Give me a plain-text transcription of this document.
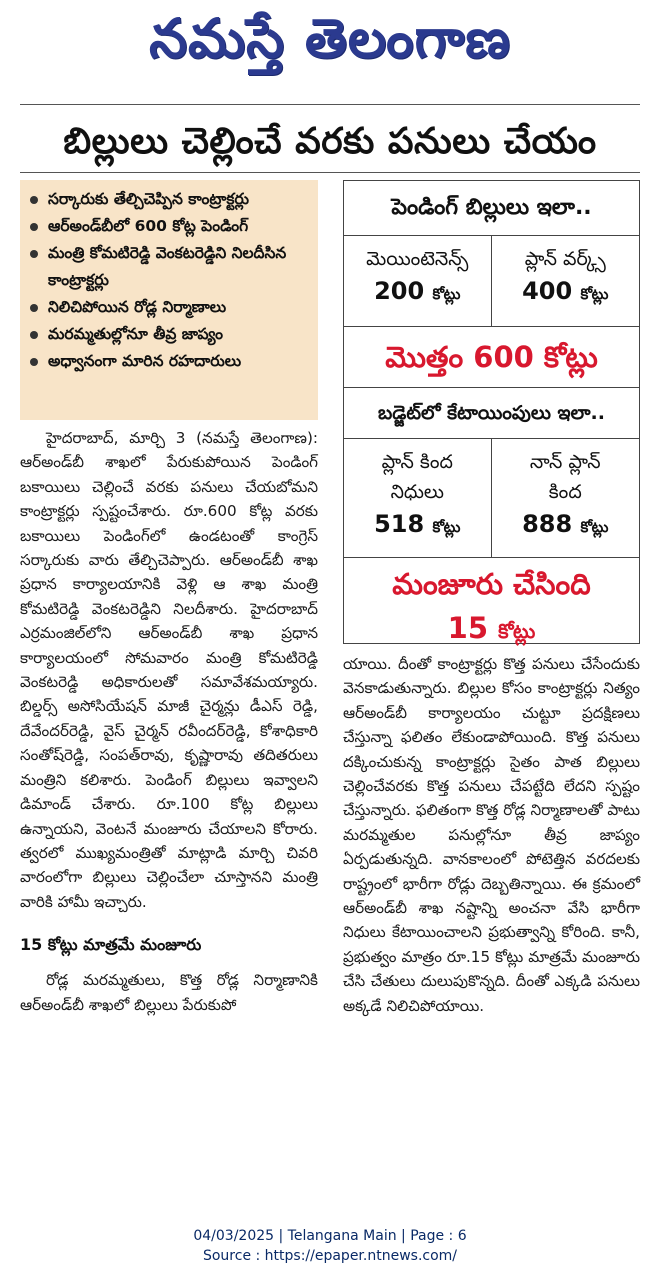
నమస్తే తెలంగాణ
బిల్లులు చెల్లించే వరకు పనులు చేయం
సర్కారుకు తేల్చిచెప్పిన కాంట్రాక్టర్లు
ఆర్‌అండ్‌బీలో 600 కోట్ల పెండింగ్
మంత్రి కోమటిరెడ్డి వెంకటరెడ్డిని నిలదీసిన కాంట్రాక్టర్లు
నిలిచిపోయిన రోడ్ల నిర్మాణాలు
మరమ్మతుల్లోనూ తీవ్ర జాప్యం
అధ్వానంగా మారిన రహదారులు
పెండింగ్ బిల్లులు ఇలా..
మెయింటెనెన్స్
200 కోట్లు
ప్లాన్ వర్క్స్
400 కోట్లు
మొత్తం 600 కోట్లు
బడ్జెట్‌లో కేటాయింపులు ఇలా..
ప్లాన్ కింద
నిధులు
518 కోట్లు
నాన్ ప్లాన్
కింద
888 కోట్లు
మంజూరు చేసింది
15 కోట్లు

హైదరాబాద్, మార్చి 3 (నమస్తే తెలంగాణ): ఆర్‌అండ్‌బీ శాఖలో పేరుకుపోయిన పెండింగ్ బకాయిలు చెల్లించే వరకు పనులు చేయబోమని కాంట్రాక్టర్లు స్పష్టంచేశారు. రూ.600 కోట్ల వరకు బకాయిలు పెండింగ్‌లో ఉండటంతో కాంగ్రెస్ సర్కారుకు వారు తేల్చిచెప్పారు. ఆర్‌అండ్‌బీ శాఖ ప్రధాన కార్యాలయానికి వెళ్లి ఆ శాఖ మంత్రి కోమటిరెడ్డి వెంకటరెడ్డిని నిలదీశారు. హైదరాబాద్ ఎర్రమంజిల్‌లోని ఆర్‌అండ్‌బీ శాఖ ప్రధాన కార్యాలయంలో సోమవారం మంత్రి కోమటిరెడ్డి వెంకటరెడ్డి అధికారులతో సమావేశమయ్యారు. బిల్డర్స్ అసోసియేషన్ మాజీ చైర్మన్లు డీఎస్ రెడ్డి, దేవేందర్‌రెడ్డి, వైస్ చైర్మన్ రవీందర్‌రెడ్డి, కోశాధికారి సంతోష్‌రెడ్డి, సంపత్‌రావు, కృష్ణారావు తదితరులు మంత్రిని కలిశారు. పెండింగ్ బిల్లులు ఇవ్వాలని డిమాండ్ చేశారు. రూ.100 కోట్ల బిల్లులు ఉన్నాయని, వెంటనే మంజూరు చేయాలని కోరారు. త్వరలో ముఖ్యమంత్రితో మాట్లాడి మార్చి చివరి వారంలోగా బిల్లులు చెల్లించేలా చూస్తానని మంత్రి వారికి హామీ ఇచ్చారు.

15 కోట్లు మాత్రమే మంజూరు

రోడ్ల మరమ్మతులు, కొత్త రోడ్ల నిర్మాణానికి ఆర్‌అండ్‌బీ శాఖలో బిల్లులు పేరుకుపో

యాయి. దీంతో కాంట్రాక్టర్లు కొత్త పనులు చేసేందుకు వెనకాడుతున్నారు. బిల్లుల కోసం కాంట్రాక్టర్లు నిత్యం ఆర్‌అండ్‌బీ కార్యాలయం చుట్టూ ప్రదక్షిణలు చేస్తున్నా ఫలితం లేకుండాపోయింది. కొత్త పనులు దక్కించుకున్న కాంట్రాక్టర్లు సైతం పాత బిల్లులు చెల్లించేవరకు కొత్త పనులు చేపట్టేది లేదని స్పష్టం చేస్తున్నారు. ఫలితంగా కొత్త రోడ్ల నిర్మాణాలతో పాటు మరమ్మతుల పనుల్లోనూ తీవ్ర జాప్యం ఏర్పడుతున్నది. వానకాలంలో పోటెత్తిన వరదలకు రాష్ట్రంలో భారీగా రోడ్లు దెబ్బతిన్నాయి. ఈ క్రమంలో ఆర్‌అండ్‌బీ శాఖ నష్టాన్ని అంచనా వేసి భారీగా నిధులు కేటాయించాలని ప్రభుత్వాన్ని కోరింది. కానీ, ప్రభుత్వం మాత్రం రూ.15 కోట్లు మాత్రమే మంజూరు చేసి చేతులు దులుపుకొన్నది. దీంతో ఎక్కడి పనులు అక్కడే నిలిచిపోయాయి.

04/03/2025 | Telangana Main | Page : 6
Source : https://epaper.ntnews.com/
